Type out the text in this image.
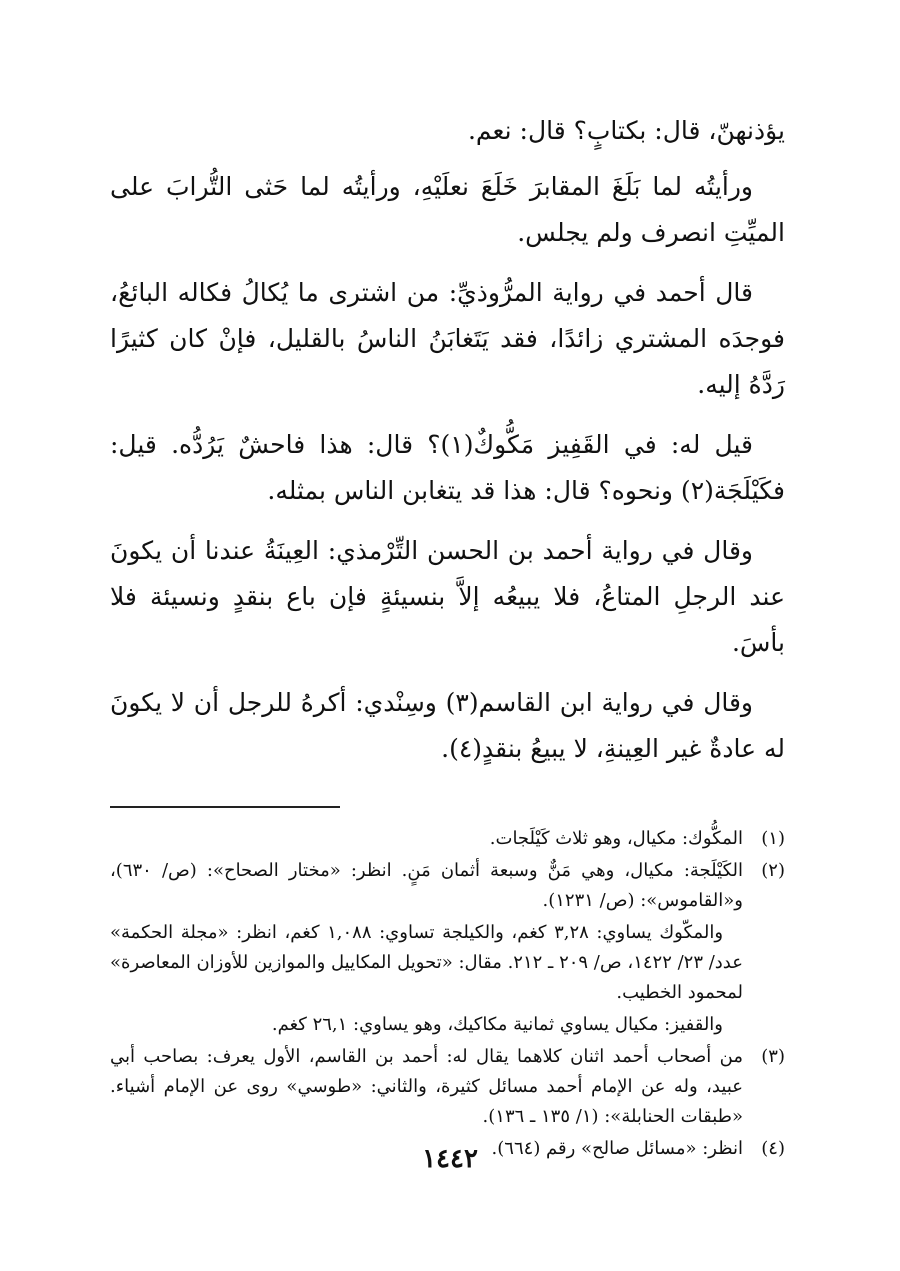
يؤذنهنّ، قال: بكتابٍ؟ قال: نعم.

ورأيتُه لما بَلَغَ المقابرَ خَلَعَ نعلَيْهِ، ورأيتُه لما حَثى التُّرابَ على الميِّتِ انصرف ولم يجلس.

قال أحمد في رواية المرُّوذيِّ: من اشترى ما يُكالُ فكاله البائعُ، فوجدَه المشتري زائدًا، فقد يَتَغابَنُ الناسُ بالقليل، فإنْ كان كثيرًا رَدَّهُ إليه.

قيل له: في القَفِيز مَكُّوكٌ(١)؟ قال: هذا فاحشٌ يَرُدُّه. قيل: فكَيْلَجَة(٢) ونحوه؟ قال: هذا قد يتغابن الناس بمثله.

وقال في رواية أحمد بن الحسن التِّرْمذي: العِينَةُ عندنا أن يكونَ عند الرجلِ المتاعُ، فلا يبيعُه إلاَّ بنسيئةٍ فإن باع بنقدٍ ونسيئة فلا بأسَ.

وقال في رواية ابن القاسم(٣) وسِنْدي: أكرهُ للرجل أن لا يكونَ له عادةٌ غير العِينةِ، لا يبيعُ بنقدٍ(٤).

(١)
المكُّوك: مكيال، وهو ثلاث كَيْلَجات.
(٢)
الكَيْلَجة: مكيال، وهي مَنٌّ وسبعة أثمان مَنٍ. انظر: «مختار الصحاح»: (ص/ ٦٣٠)، و«القاموس»: (ص/ ١٢٣١).
والمكّوك يساوي: ٣,٢٨ كغم، والكيلجة تساوي: ١,٠٨٨ كغم، انظر: «مجلة الحكمة» عدد/ ٢٣/ ١٤٢٢، ص/ ٢٠٩ ـ ٢١٢. مقال: «تحويل المكاييل والموازين للأوزان المعاصرة» لمحمود الخطيب.
والقفيز: مكيال يساوي ثمانية مكاكيك، وهو يساوي: ٢٦,١ كغم.
(٣)
من أصحاب أحمد اثنان كلاهما يقال له: أحمد بن القاسم، الأول يعرف: بصاحب أبي عبيد، وله عن الإمام أحمد مسائل كثيرة، والثاني: «طوسي» روى عن الإمام أشياء. «طبقات الحنابلة»: (١/ ١٣٥ ـ ١٣٦).
(٤)
انظر: «مسائل صالح» رقم (٦٦٤).
١٤٤٢
